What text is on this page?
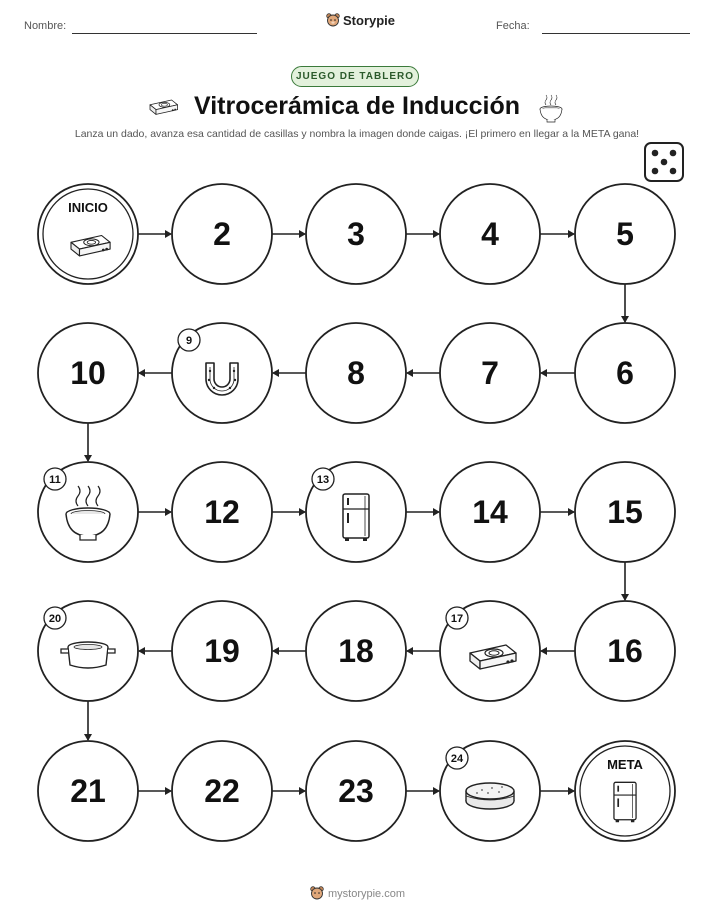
Nombre:	Storypie	Fecha:
JUEGO DE TABLERO
Vitrocerámica de Inducción
Lanza un dado, avanza esa cantidad de casillas y nombra la imagen donde caigas. ¡El primero en llegar a la META gana!
INICIO
2	3	4	5
6
7
8
9
10
11
12
13
14	15
16
17
18
19
20
21	22	23
24	META
mystorypie.com
